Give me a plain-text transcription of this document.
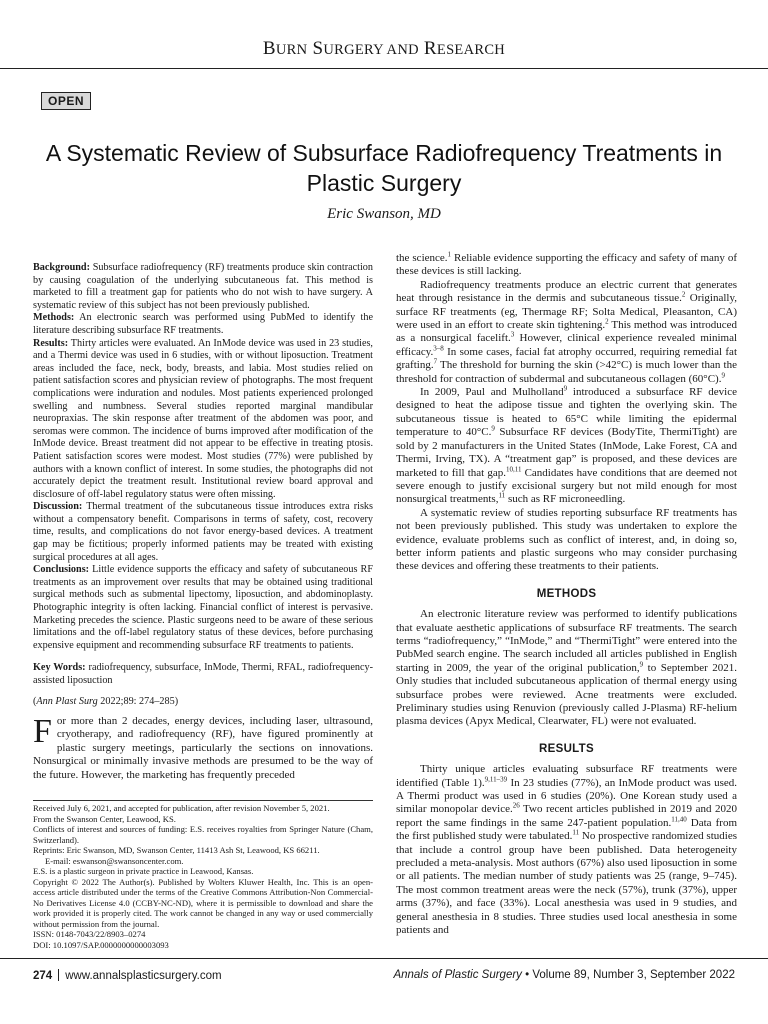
BURN SURGERY AND RESEARCH
OPEN
A Systematic Review of Subsurface Radiofrequency Treatments in Plastic Surgery
Eric Swanson, MD
Background: Subsurface radiofrequency (RF) treatments produce skin contraction by causing coagulation of the underlying subcutaneous fat. This method is marketed to fill a treatment gap for patients who do not wish to have surgery. A systematic review of this subject has not been previously published.
Methods: An electronic search was performed using PubMed to identify the literature describing subsurface RF treatments.
Results: Thirty articles were evaluated. An InMode device was used in 23 studies, and a Thermi device was used in 6 studies, with or without liposuction. Treatment areas included the face, neck, body, breasts, and labia. Most studies relied on patient satisfaction scores and physician review of photographs. The most frequent complications were induration and nodules. Most patients experienced prolonged swelling and numbness. Several studies reported marginal mandibular neuropraxias. The skin response after treatment of the abdomen was poor, and seromas were common. The incidence of burns improved after modification of the InMode device. Breast treatment did not appear to be effective in treating ptosis. Patient satisfaction scores were modest. Most studies (77%) were published by authors with a known conflict of interest. In some studies, the photographs did not accurately depict the treatment result. Institutional review board approval and disclosure of off-label regulatory status were often missing.
Discussion: Thermal treatment of the subcutaneous tissue introduces extra risks without a compensatory benefit. Comparisons in terms of safety, cost, recovery time, results, and complications do not favor energy-based devices. A treatment gap may be fictitious; properly informed patients may be treated with existing surgical procedures at all ages.
Conclusions: Little evidence supports the efficacy and safety of subcutaneous RF treatments as an improvement over results that may be obtained using traditional surgical methods such as submental lipectomy, liposuction, and abdominoplasty. Photographic integrity is often lacking. Financial conflict of interest is pervasive. Marketing precedes the science. Plastic surgeons need to be aware of these serious limitations and the off-label regulatory status of these devices, before purchasing expensive equipment and recommending subsurface RF treatments to patients.
Key Words: radiofrequency, subsurface, InMode, Thermi, RFAL, radiofrequency-assisted liposuction
(Ann Plast Surg 2022;89: 274–285)
For more than 2 decades, energy devices, including laser, ultrasound, cryotherapy, and radiofrequency (RF), have figured prominently at plastic surgery meetings, particularly the sections on innovations. Nonsurgical or minimally invasive methods are presumed to be the way of the future. However, the marketing has frequently preceded

Received July 6, 2021, and accepted for publication, after revision November 5, 2021.

From the Swanson Center, Leawood, KS.

Conflicts of interest and sources of funding: E.S. receives royalties from Springer Nature (Cham, Switzerland).

Reprints: Eric Swanson, MD, Swanson Center, 11413 Ash St, Leawood, KS 66211.

E-mail: eswanson@swansoncenter.com.

E.S. is a plastic surgeon in private practice in Leawood, Kansas.

Copyright © 2022 The Author(s). Published by Wolters Kluwer Health, Inc. This is an open-access article distributed under the terms of the Creative Commons Attribution-Non Commercial-No Derivatives License 4.0 (CCBY-NC-ND), where it is permissible to download and share the work provided it is properly cited. The work cannot be changed in any way or used commercially without permission from the journal.

ISSN: 0148-7043/22/8903–0274

DOI: 10.1097/SAP.0000000000003093

the science.$^1$ Reliable evidence supporting the efficacy and safety of many of these devices is still lacking.

Radiofrequency treatments produce an electric current that generates heat through resistance in the dermis and subcutaneous tissue.$^2$ Originally, surface RF treatments (eg, Thermage RF; Solta Medical, Pleasanton, CA) were used in an effort to create skin tightening.$^2$ This method was introduced as a nonsurgical facelift.$^3$ However, clinical experience revealed minimal efficacy.$^{3-8}$ In some cases, facial fat atrophy occurred, requiring remedial fat grafting.$^7$ The threshold for burning the skin (>42°C) is much lower than the threshold for contraction of subdermal and subcutaneous collagen (60°C).$^9$

In 2009, Paul and Mulholland$^9$ introduced a subsurface RF device designed to heat the adipose tissue and tighten the overlying skin. The subcutaneous tissue is heated to 65°C while limiting the epidermal temperature to 40°C.$^9$ Subsurface RF devices (BodyTite, ThermiTight) are sold by 2 manufacturers in the United States (InMode, Lake Forest, CA and Thermi, Irving, TX). A “treatment gap” is proposed, and these devices are marketed to fill that gap.$^{10,11}$ Candidates have conditions that are deemed not severe enough to justify excisional surgery but not mild enough for most nonsurgical treatments,$^{11}$ such as RF microneedling.

A systematic review of studies reporting subsurface RF treatments has not been previously published. This study was undertaken to explore the evidence, evaluate problems such as conflict of interest, and, in doing so, better inform patients and plastic surgeons who may consider purchasing these devices and offering these treatments to their patients.

METHODS

An electronic literature review was performed to identify publications that evaluate aesthetic applications of subsurface RF treatments. The search terms “radiofrequency,” “InMode,” and “ThermiTight” were entered into the PubMed search engine. The search included all articles published in English starting in 2009, the year of the original publication,$^9$ to September 2021. Only studies that included subcutaneous application of thermal energy using subsurface probes were reviewed. Acne treatments were excluded. Preliminary studies using Renuvion (previously called J-Plasma) RF-helium plasma devices (Apyx Medical, Clearwater, FL) were not evaluated.

RESULTS

Thirty unique articles evaluating subsurface RF treatments were identified (Table 1).$^{9,11-39}$ In 23 studies (77%), an InMode product was used. A Thermi product was used in 6 studies (20%). One Korean study used a similar monopolar device.$^{26}$ Two recent articles published in 2019 and 2020 report the same findings in the same 247-patient population.$^{11,40}$ Data from the first published study were tabulated.$^{11}$ No prospective randomized studies that include a control group have been published. Data heterogeneity precluded a meta-analysis. Most authors (67%) also used liposuction in some or all patients. The median number of study patients was 25 (range, 9–745). The most common treatment areas were the neck (57%), trunk (37%), upper arms (37%), and face (33%). Local anesthesia was used in 9 studies, and general anesthesia in 8 studies. Three studies used local anesthesia in some patients and

274 www.annalsplasticsurgery.com	Annals of Plastic Surgery • Volume 89, Number 3, September 2022
